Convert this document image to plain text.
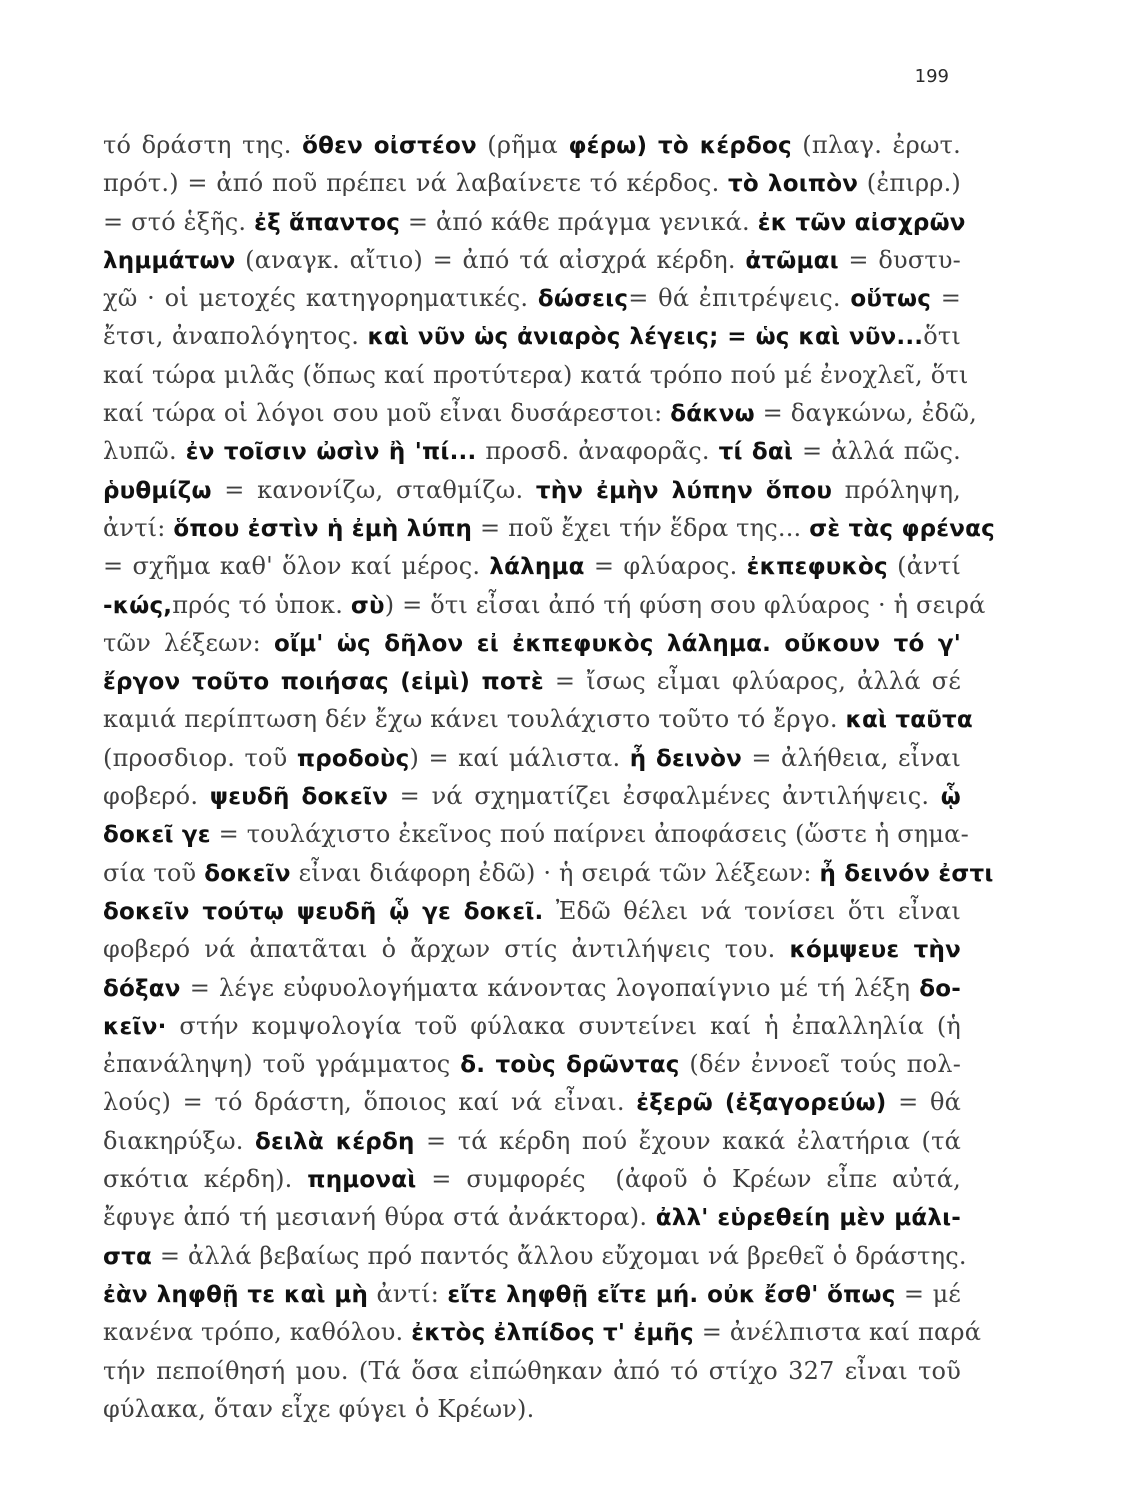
199
τό δράστη της. ὅθεν οἰστέον (ρῆμα φέρω) τὸ κέρδος (πλαγ. ἐρωτ.
πρότ.) = ἀπό ποῦ πρέπει νά λαβαίνετε τό κέρδος. τὸ λοιπὸν (ἐπιρρ.)
= στό ἑξῆς. ἐξ ἅπαντος = ἀπό κάθε πράγμα γενικά. ἐκ τῶν αἰσχρῶν
λημμάτων (αναγκ. αἴτιο) = ἀπό τά αἰσχρά κέρδη. ἀτῶμαι = δυστυ-
χῶ · οἱ μετοχές κατηγορηματικές. δώσεις= θά ἐπιτρέψεις. οὕτως =
ἔτσι, ἀναπολόγητος. καὶ νῦν ὡς ἀνιαρὸς λέγεις; = ὡς καὶ νῦν...ὅτι
καί τώρα μιλᾶς (ὅπως καί προτύτερα) κατά τρόπο πού μέ ἐνοχλεῖ, ὅτι
καί τώρα οἱ λόγοι σου μοῦ εἶναι δυσάρεστοι: δάκνω = δαγκώνω, ἐδῶ,
λυπῶ. ἐν τοῖσιν ὠσὶν ἢ 'πί... προσδ. ἀναφορᾶς. τί δαὶ = ἀλλά πῶς.
ῥυθμίζω = κανονίζω, σταθμίζω. τὴν ἐμὴν λύπην ὅπου πρόληψη,
ἀντί: ὅπου ἐστὶν ἡ ἐμὴ λύπη = ποῦ ἔχει τήν ἕδρα της... σὲ τὰς φρένας
= σχῆμα καθ' ὅλον καί μέρος. λάλημα = φλύαρος. ἐκπεφυκὸς (ἀντί
-κώς,πρός τό ὑποκ. σὺ) = ὅτι εἶσαι ἀπό τή φύση σου φλύαρος · ἡ σειρά
τῶν λέξεων: οἴμ' ὡς δῆλον εἰ ἐκπεφυκὸς λάλημα. οὔκουν τό γ'
ἔργον τοῦτο ποιήσας (εἰμὶ) ποτὲ = ἴσως εἶμαι φλύαρος, ἀλλά σέ
καμιά περίπτωση δέν ἔχω κάνει τουλάχιστο τοῦτο τό ἔργο. καὶ ταῦτα
(προσδιορ. τοῦ προδοὺς) = καί μάλιστα. ἦ δεινὸν = ἀλήθεια, εἶναι
φοβερό. ψευδῆ δοκεῖν = νά σχηματίζει ἐσφαλμένες ἀντιλήψεις. ᾧ
δοκεῖ γε = τουλάχιστο ἐκεῖνος πού παίρνει ἀποφάσεις (ὥστε ἡ σημα-
σία τοῦ δοκεῖν εἶναι διάφορη ἐδῶ) · ἡ σειρά τῶν λέξεων: ἦ δεινόν ἐστι
δοκεῖν τούτῳ ψευδῆ ᾧ γε δοκεῖ. Ἐδῶ θέλει νά τονίσει ὅτι εἶναι
φοβερό νά ἀπατᾶται ὁ ἄρχων στίς ἀντιλήψεις του. κόμψευε τὴν
δόξαν = λέγε εὐφυολογήματα κάνοντας λογοπαίγνιο μέ τή λέξη δο-
κεῖν· στήν κομψολογία τοῦ φύλακα συντείνει καί ἡ ἐπαλληλία (ἡ
ἐπανάληψη) τοῦ γράμματος δ. τοὺς δρῶντας (δέν ἐννοεῖ τούς πολ-
λούς) = τό δράστη, ὅποιος καί νά εἶναι. ἐξερῶ (ἐξαγορεύω) = θά
διακηρύξω. δειλὰ κέρδη = τά κέρδη πού ἔχουν κακά ἐλατήρια (τά
σκότια κέρδη). πημοναὶ = συμφορές  (ἀφοῦ ὁ Κρέων εἶπε αὐτά,
ἔφυγε ἀπό τή μεσιανή θύρα στά ἀνάκτορα). ἀλλ' εὑρεθείη μὲν μάλι-
στα = ἀλλά βεβαίως πρό παντός ἄλλου εὔχομαι νά βρεθεῖ ὁ δράστης.
ἐὰν ληφθῇ τε καὶ μὴ ἀντί: εἴτε ληφθῇ εἴτε μή. οὐκ ἔσθ' ὅπως = μέ
κανένα τρόπο, καθόλου. ἐκτὸς ἐλπίδος τ' ἐμῆς = ἀνέλπιστα καί παρά
τήν πεποίθησή μου. (Τά ὅσα εἰπώθηκαν ἀπό τό στίχο 327 εἶναι τοῦ
φύλακα, ὅταν εἶχε φύγει ὁ Κρέων).
